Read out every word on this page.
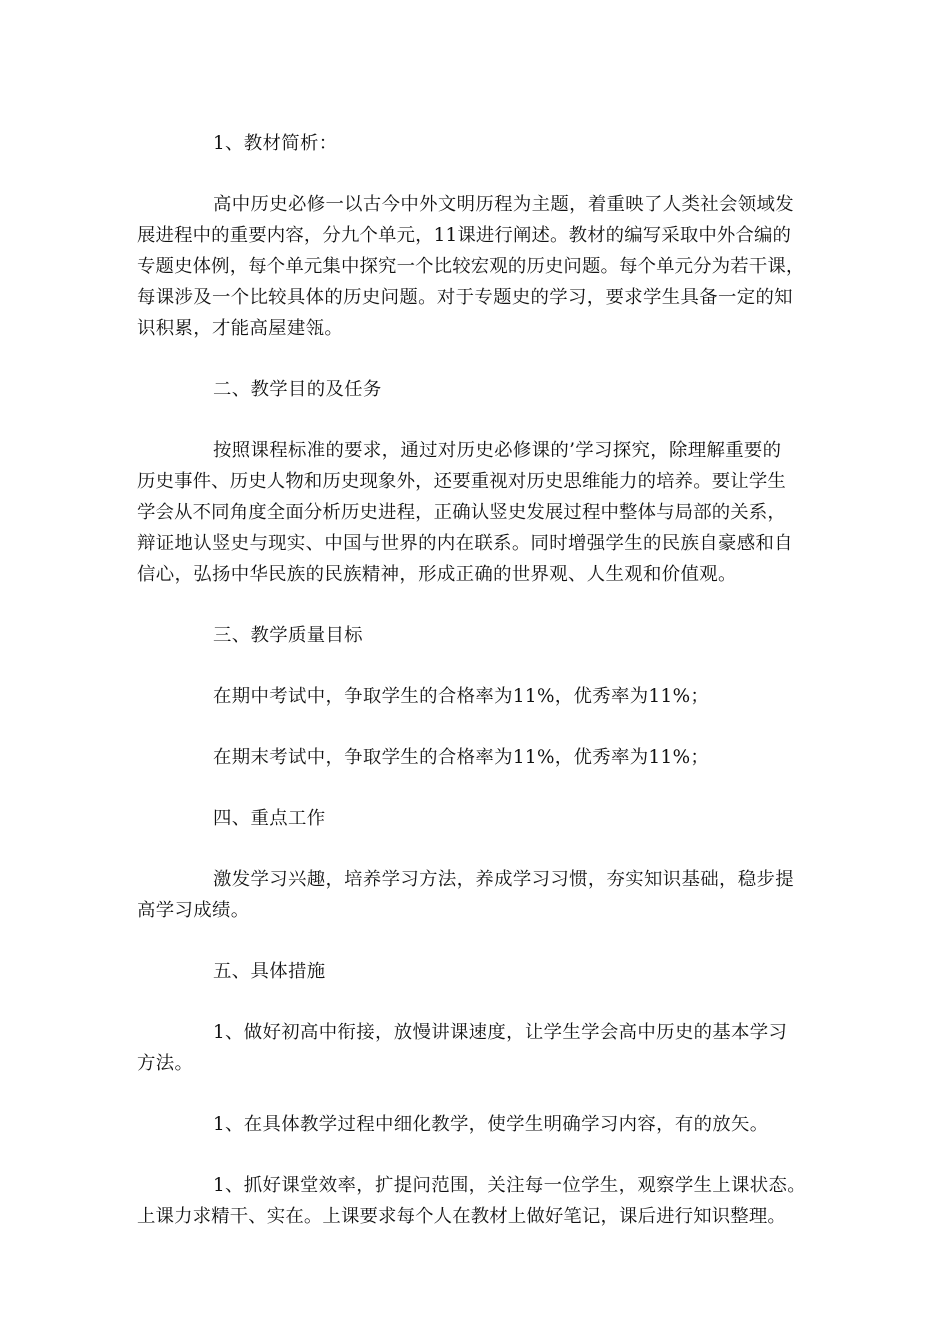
1、教材简析：

高中历史必修一以古今中外文明历程为主题，着重映了人类社会领域发
展进程中的重要内容，分九个单元，11课进行阐述。教材的编写采取中外合编的
专题史体例，每个单元集中探究一个比较宏观的历史问题。每个单元分为若干课，
每课涉及一个比较具体的历史问题。对于专题史的学习，要求学生具备一定的知
识积累，才能高屋建瓴。

二、教学目的及任务

按照课程标准的要求，通过对历史必修课的’学习探究，除理解重要的
历史事件、历史人物和历史现象外，还要重视对历史思维能力的培养。要让学生
学会从不同角度全面分析历史进程，正确认竖史发展过程中整体与局部的关系，
辩证地认竖史与现实、中国与世界的内在联系。同时增强学生的民族自豪感和自
信心，弘扬中华民族的民族精神，形成正确的世界观、人生观和价值观。

三、教学质量目标

在期中考试中，争取学生的合格率为11%，优秀率为11%；

在期末考试中，争取学生的合格率为11%，优秀率为11%；

四、重点工作

激发学习兴趣，培养学习方法，养成学习习惯，夯实知识基础，稳步提
高学习成绩。

五、具体措施

1、做好初高中衔接，放慢讲课速度，让学生学会高中历史的基本学习
方法。

1、在具体教学过程中细化教学，使学生明确学习内容，有的放矢。

1、抓好课堂效率，扩提问范围，关注每一位学生，观察学生上课状态。
上课力求精干、实在。上课要求每个人在教材上做好笔记，课后进行知识整理。
